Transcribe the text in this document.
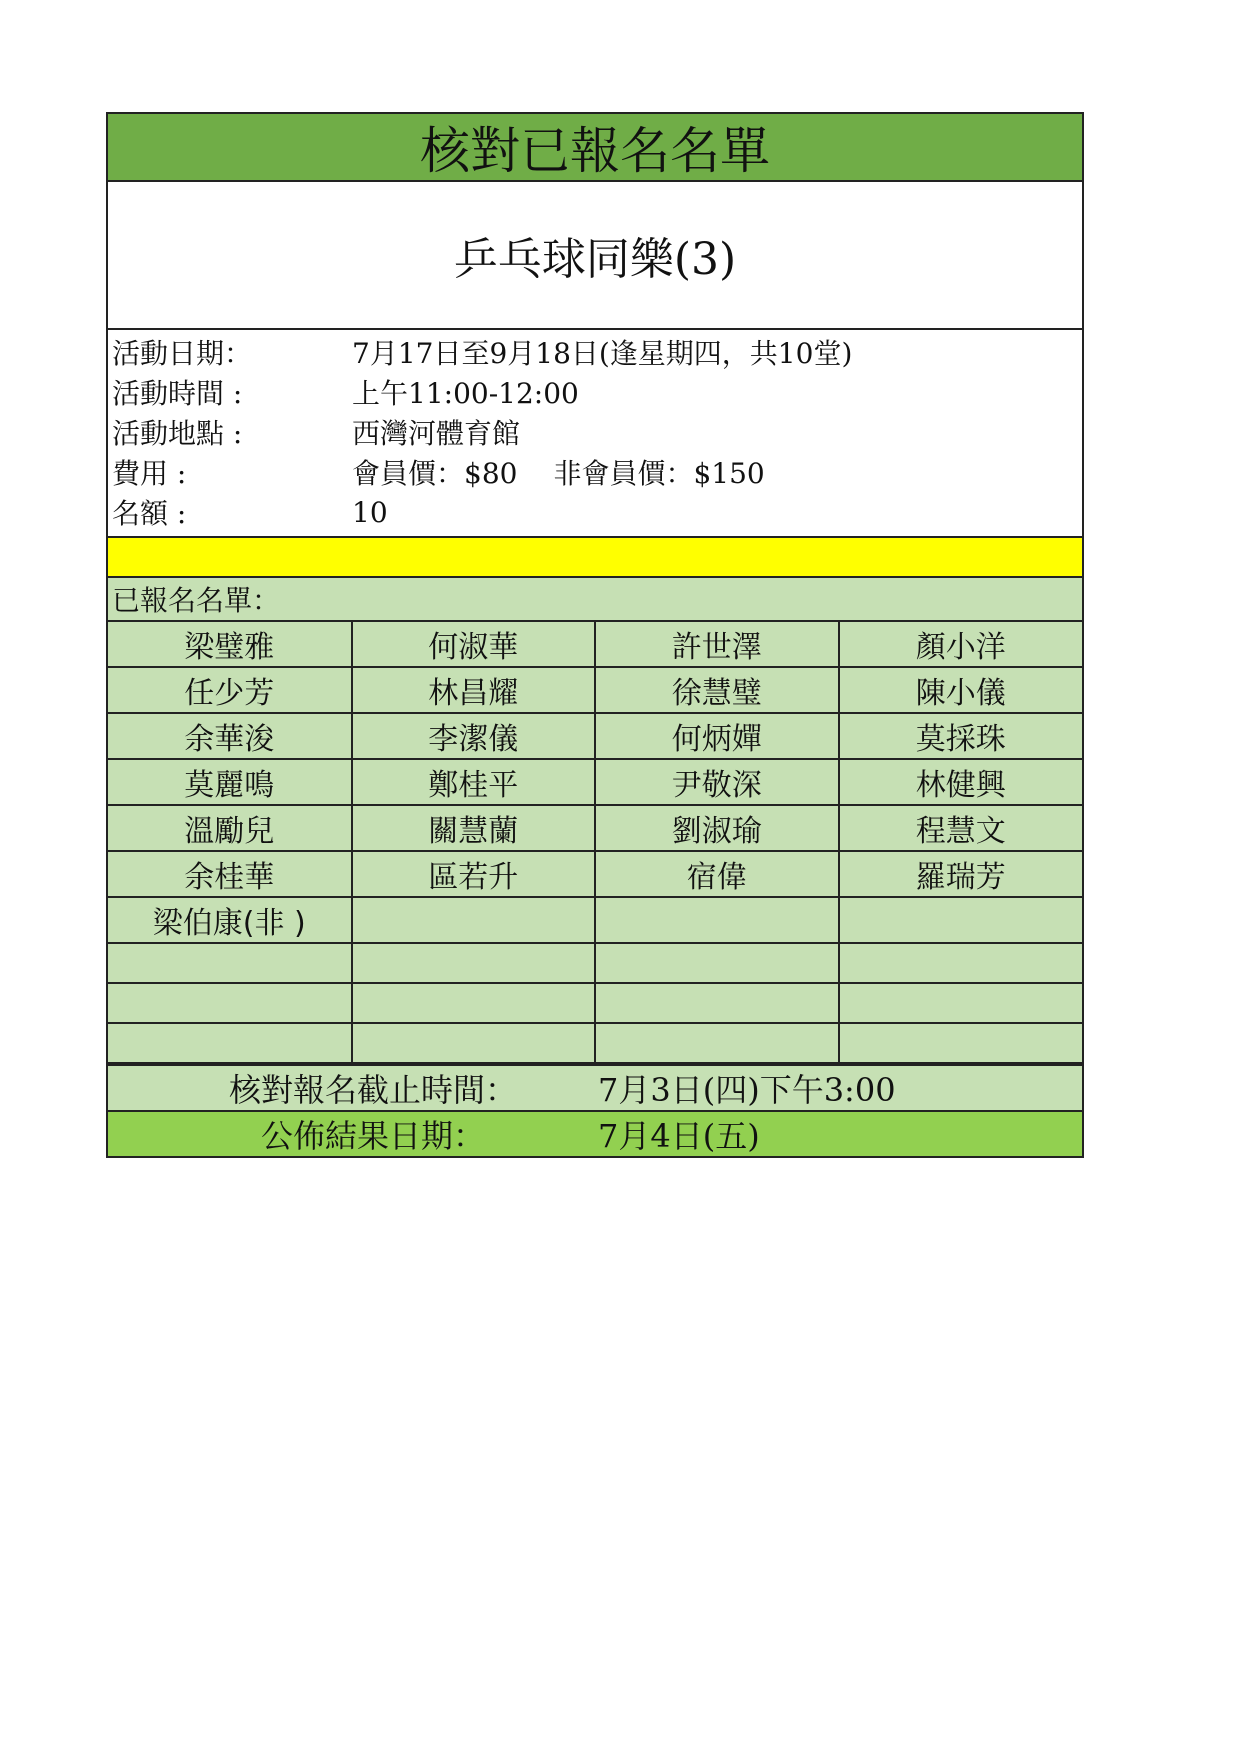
核對已報名名單
乒乓球同樂(3)
活動日期：	7月17日至9月18日(逢星期四，共10堂)
活動時間 :	上午11:00-12:00
活動地點 :	西灣河體育館
費用 :	會員價：$80 非會員價：$150
名額 :	10
已報名名單：
梁璧雅	何淑華	許世澤	顏小洋
任少芳	林昌耀	徐慧璧	陳小儀
余華浚	李潔儀	何炳嬋	莫採珠
莫麗鳴	鄭桂平	尹敬深	林健興
溫勵兒	關慧蘭	劉淑瑜	程慧文
余桂華	區若升	宿偉	羅瑞芳
梁伯康(非 )			

核對報名截止時間：	7月3日(四)下午3:00
公佈結果日期：	7月4日(五)
